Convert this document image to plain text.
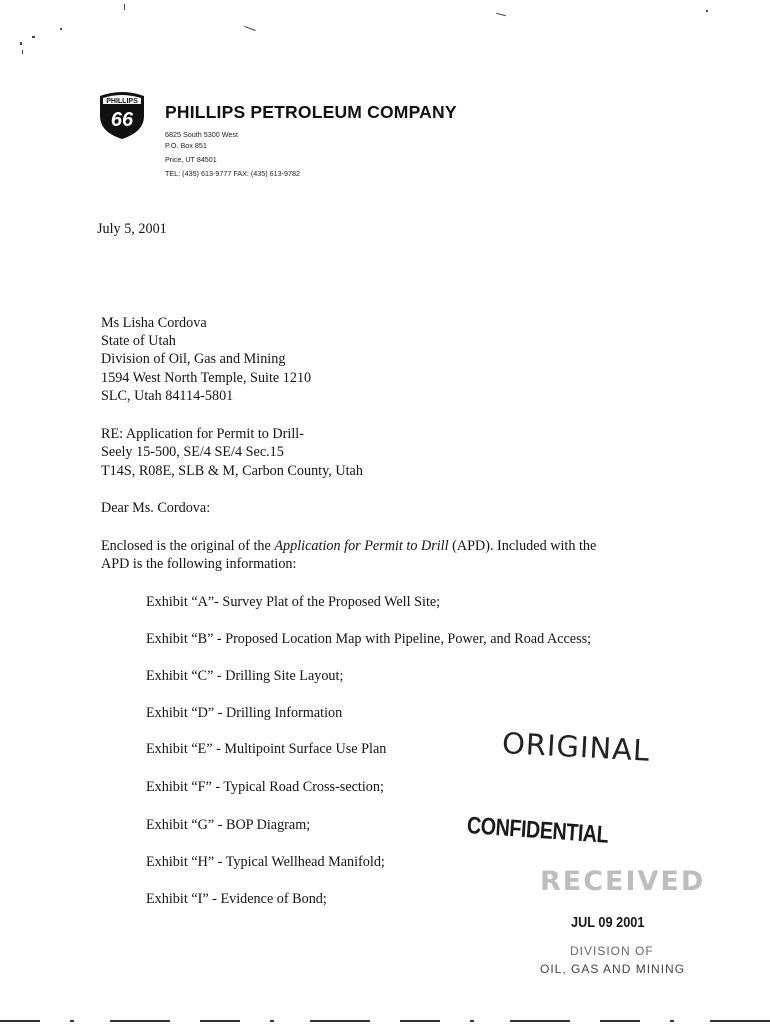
PHILLIPS
66 PHILLIPS PETROLEUM COMPANY
6825 South 5300 West
P.O. Box 851
Price, UT 84501
TEL: (435) 613-9777 FAX: (435) 613-9782
July 5, 2001
Ms Lisha Cordova
State of Utah
Division of Oil, Gas and Mining
1594 West North Temple, Suite 1210
SLC, Utah 84114-5801
RE: Application for Permit to Drill-
Seely 15-500, SE/4 SE/4 Sec.15
T14S, R08E, SLB & M, Carbon County, Utah
Dear Ms. Cordova:
Enclosed is the original of the Application for Permit to Drill (APD). Included with the
APD is the following information:
Exhibit “A”- Survey Plat of the Proposed Well Site;
Exhibit “B” - Proposed Location Map with Pipeline, Power, and Road Access;
Exhibit “C” - Drilling Site Layout;
Exhibit “D” - Drilling Information
Exhibit “E” - Multipoint Surface Use Plan
Exhibit “F” - Typical Road Cross-section;
Exhibit “G” - BOP Diagram;
Exhibit “H” - Typical Wellhead Manifold;
Exhibit “I” - Evidence of Bond;
ORIGINAL
CONFIDENTIAL
RECEIVED
JUL 09 2001
DIVISION OF
OIL, GAS AND MINING
